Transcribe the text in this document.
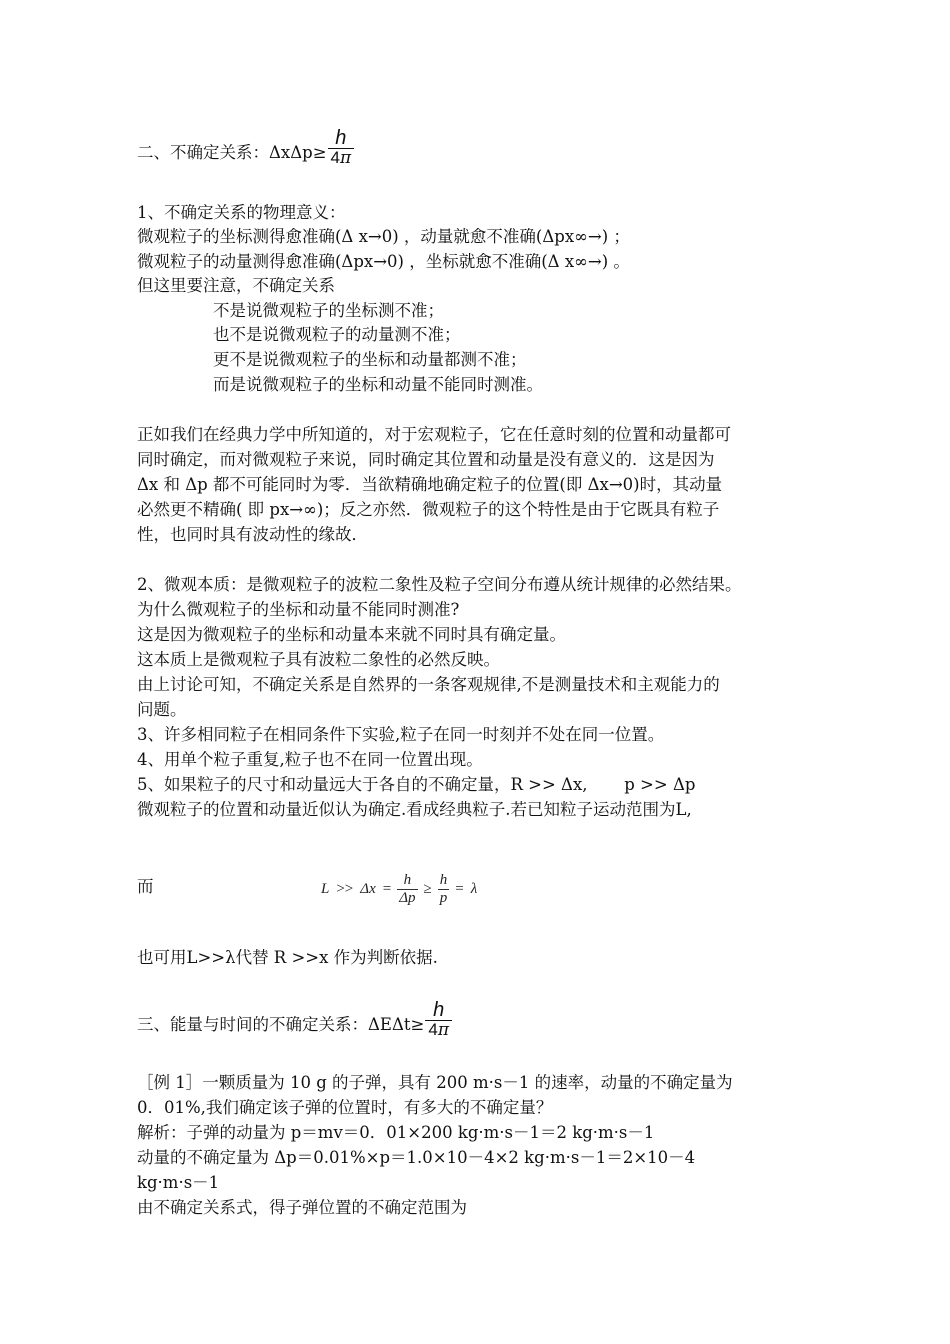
二、不确定关系：$\Delta x\Delta p\ge \frac{h}{4\pi}$
1、不确定关系的物理意义：
微观粒子的坐标测得愈准确(Δ x→0) ，动量就愈不准确(Δpx∞→) ；
微观粒子的动量测得愈准确(Δpx→0) ，坐标就愈不准确(Δ x∞→) 。
但这里要注意，不确定关系
不是说微观粒子的坐标测不准；
也不是说微观粒子的动量测不准；
更不是说微观粒子的坐标和动量都测不准；
而是说微观粒子的坐标和动量不能同时测准。
正如我们在经典力学中所知道的，对于宏观粒子，它在任意时刻的位置和动量都可
同时确定，而对微观粒子来说，同时确定其位置和动量是没有意义的．这是因为
Δx 和 Δp 都不可能同时为零．当欲精确地确定粒子的位置(即 Δx→0)时，其动量
必然更不精确( 即 px→∞)；反之亦然．微观粒子的这个特性是由于它既具有粒子
性，也同时具有波动性的缘故．
2、微观本质：是微观粒子的波粒二象性及粒子空间分布遵从统计规律的必然结果。
为什么微观粒子的坐标和动量不能同时测准?
这是因为微观粒子的坐标和动量本来就不同时具有确定量。
这本质上是微观粒子具有波粒二象性的必然反映。
由上讨论可知，不确定关系是自然界的一条客观规律,不是测量技术和主观能力的
问题。
3、许多相同粒子在相同条件下实验,粒子在同一时刻并不处在同一位置。
4、用单个粒子重复,粒子也不在同一位置出现。
5、如果粒子的尺寸和动量远大于各自的不确定量，R >> Δx,       p >> Δp
微观粒子的位置和动量近似认为确定.看成经典粒子.若已知粒子运动范围为L,
而	L >> Δx =
h
Δp
≥
h
p
= λ
也可用L>>λ代替 R >>x 作为判断依据.
三、能量与时间的不确定关系：$\Delta E\Delta t\ge \frac{h}{4\pi}$
［例 1］一颗质量为 10 g 的子弹，具有 200 m·s－1 的速率，动量的不确定量为
0．01%,我们确定该子弹的位置时，有多大的不确定量？
解析：子弹的动量为 p＝mv＝0．01×200 kg·m·s－1＝2 kg·m·s－1
动量的不确定量为 Δp＝0.01%×p＝1.0×10－4×2 kg·m·s－1＝2×10－4
kg·m·s－1
由不确定关系式，得子弹位置的不确定范围为
